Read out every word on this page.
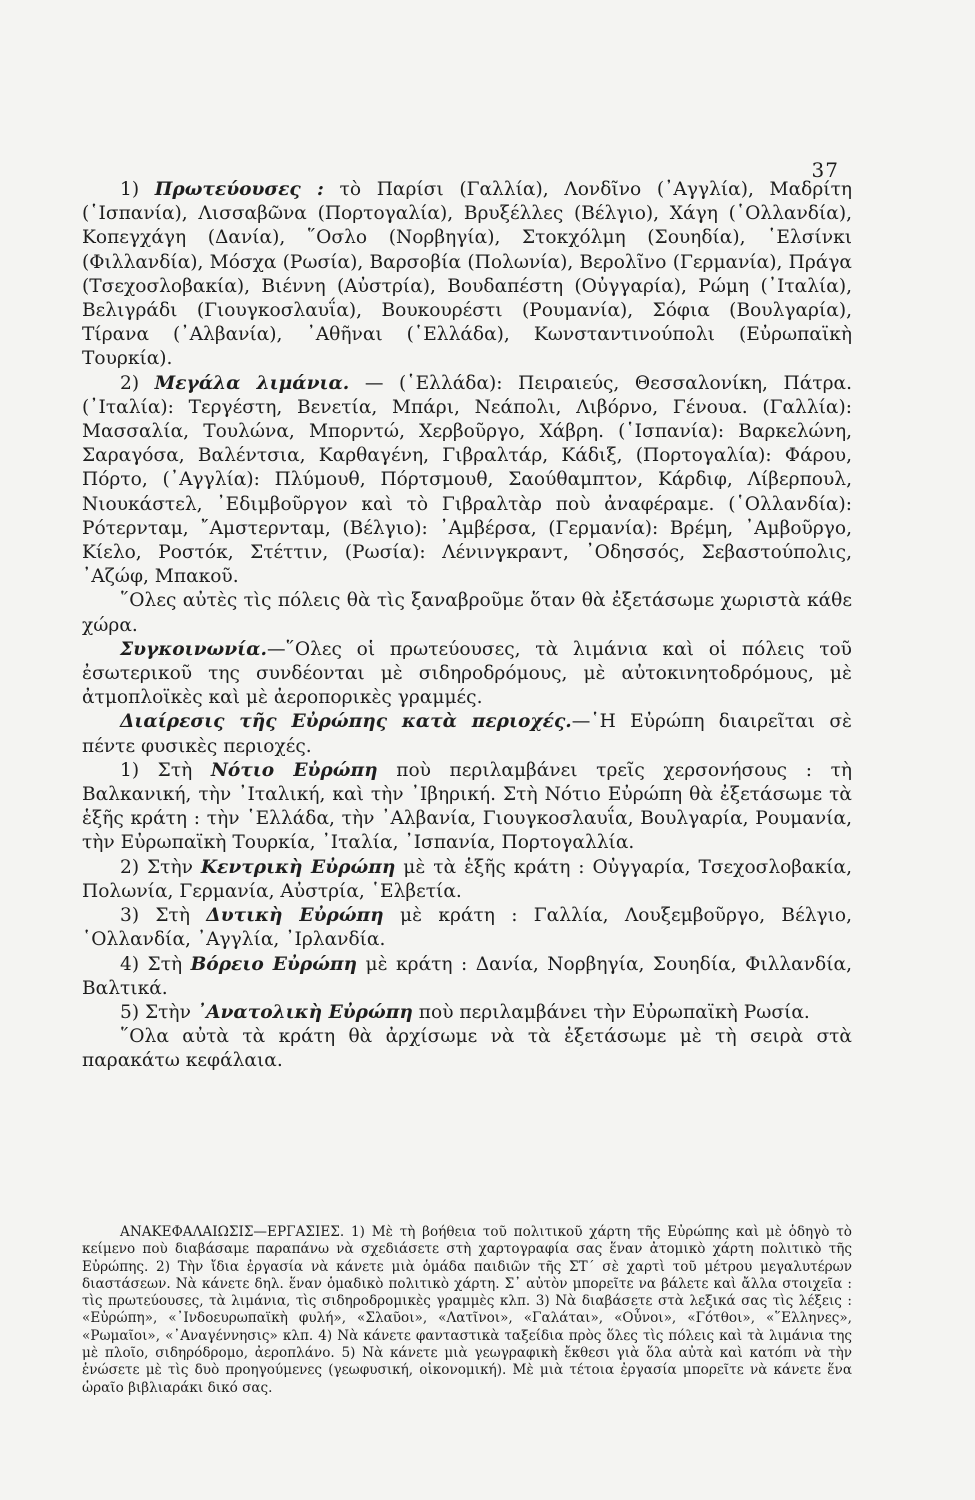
37

1) Πρωτεύουσες : τὸ Παρίσι (Γαλλία), Λονδῖνο (᾽Αγγλία), Μαδρίτη (῾Ισπανία), Λισσαβῶνα (Πορτογαλία), Βρυξέλλες (Βέλγιο), Χάγη (῾Ολλανδία), Κοπεγχάγη (Δανία), ῞Οσλο (Νορβηγία), Στοκχόλμη (Σουηδία), ῾Ελσίνκι (Φιλλανδία), Μόσχα (Ρωσία), Βαρσοβία (Πολωνία), Βερολῖνο (Γερμανία), Πράγα (Τσεχοσλοβακία), Βιέννη (Αὐστρία), Βουδαπέστη (Οὐγγαρία), Ρώμη (᾽Ιταλία), Βελιγράδι (Γιουγκοσλαυΐα), Βουκουρέστι (Ρουμανία), Σόφια (Βουλγαρία), Τίρανα (᾽Αλβανία), ᾽Αθῆναι (῾Ελλάδα), Κωνσταντινούπολι (Εὐρωπαϊκὴ Τουρκία).

2) Μεγάλα λιμάνια. — (῾Ελλάδα): Πειραιεύς, Θεσσαλονίκη, Πάτρα. (᾽Ιταλία): Τεργέστη, Βενετία, Μπάρι, Νεάπολι, Λιβόρνο, Γένουα. (Γαλλία): Μασσαλία, Τουλώνα, Μπορντώ, Χερβοῦργο, Χάβρη. (῾Ισπανία): Βαρκελώνη, Σαραγόσα, Βαλέντσια, Καρθαγένη, Γιβραλτάρ, Κάδιξ, (Πορτογαλία): Φάρου, Πόρτο, (᾽Αγγλία): Πλύμουθ, Πόρτσμουθ, Σαούθαμπτον, Κάρδιφ, Λίβερπουλ, Νιουκάστελ, ᾽Εδιμβοῦργον καὶ τὸ Γιβραλτὰρ ποὺ ἀναφέραμε. (῾Ολλανδία): Ρότερνταμ, ῎Αμστερνταμ, (Βέλγιο): ᾽Αμβέρσα, (Γερμανία): Βρέμη, ᾽Αμβοῦργο, Κίελο, Ροστόκ, Στέττιν, (Ρωσία): Λένινγκραντ, ᾽Οδησσός, Σεβαστούπολις, ᾽Αζώφ, Μπακοῦ.

῞Ολες αὐτὲς τὶς πόλεις θὰ τὶς ξαναβροῦμε ὅταν θὰ ἐξετάσωμε χωριστὰ κάθε χώρα.

Συγκοινωνία.—῞Ολες οἱ πρωτεύουσες, τὰ λιμάνια καὶ οἱ πόλεις τοῦ ἐσωτερικοῦ της συνδέονται μὲ σιδηροδρόμους, μὲ αὐτοκινητοδρόμους, μὲ ἀτμοπλοϊκὲς καὶ μὲ ἀεροπορικὲς γραμμές.

Διαίρεσις τῆς Εὐρώπης κατὰ περιοχές.—῾Η Εὐρώπη διαιρεῖται σὲ πέντε φυσικὲς περιοχές.

1) Στὴ Νότιο Εὐρώπη ποὺ περιλαμβάνει τρεῖς χερσονήσους : τὴ Βαλκανική, τὴν ᾽Ιταλική, καὶ τὴν ᾽Ιβηρική. Στὴ Νότιο Εὐρώπη θὰ ἐξετάσωμε τὰ ἑξῆς κράτη : τὴν ῾Ελλάδα, τὴν ᾽Αλβανία, Γιουγκοσλαυΐα, Βουλγαρία, Ρουμανία, τὴν Εὐρωπαϊκὴ Τουρκία, ᾽Ιταλία, ᾽Ισπανία, Πορτογαλλία.

2) Στὴν Κεντρικὴ Εὐρώπη μὲ τὰ ἑξῆς κράτη : Οὐγγαρία, Τσεχοσλοβακία, Πολωνία, Γερμανία, Αὐστρία, ῾Ελβετία.

3) Στὴ Δυτικὴ Εὐρώπη μὲ κράτη : Γαλλία, Λουξεμβοῦργο, Βέλγιο, ῾Ολλανδία, ᾽Αγγλία, ᾽Ιρλανδία.

4) Στὴ Βόρειο Εὐρώπη μὲ κράτη : Δανία, Νορβηγία, Σουηδία, Φιλλανδία, Βαλτικά.

5) Στὴν ᾽Ανατολικὴ Εὐρώπη ποὺ περιλαμβάνει τὴν Εὐρωπαϊκὴ Ρωσία.

῞Ολα αὐτὰ τὰ κράτη θὰ ἀρχίσωμε νὰ τὰ ἐξετάσωμε μὲ τὴ σειρὰ στὰ παρακάτω κεφάλαια.

ΑΝΑΚΕΦΑΛΑΙΩΣΙΣ—ΕΡΓΑΣΙΕΣ. 1) Μὲ τὴ βοήθεια τοῦ πολιτικοῦ χάρτη τῆς Εὐρώπης καὶ μὲ ὁδηγὸ τὸ κείμενο ποὺ διαβάσαμε παραπάνω νὰ σχεδιάσετε στὴ χαρτογραφία σας ἕναν ἀτομικὸ χάρτη πολιτικὸ τῆς Εὐρώπης. 2) Τὴν ἴδια ἐργασία νὰ κάνετε μιὰ ὁμάδα παιδιῶν τῆς ΣΤ´ σὲ χαρτὶ τοῦ μέτρου μεγαλυτέρων διαστάσεων. Νὰ κάνετε δηλ. ἕναν ὁμαδικὸ πολιτικὸ χάρτη. Σ᾽ αὐτὸν μπορεῖτε να βάλετε καὶ ἄλλα στοιχεῖα : τὶς πρωτεύουσες, τὰ λιμάνια, τὶς σιδηροδρομικὲς γραμμὲς κλπ. 3) Νὰ διαβάσετε στὰ λεξικά σας τὶς λέξεις : «Εὐρώπη», «᾽Ινδοευρωπαϊκὴ φυλή», «Σλαῦοι», «Λατῖνοι», «Γαλάται», «Οὖνοι», «Γότθοι», «῞Ελληνες», «Ρωμαῖοι», «᾽Αναγέννησις» κλπ. 4) Νὰ κάνετε φανταστικὰ ταξείδια πρὸς ὅλες τὶς πόλεις καὶ τὰ λιμάνια της μὲ πλοῖο, σιδηρόδρομο, ἀεροπλάνο. 5) Νὰ κάνετε μιὰ γεωγραφικὴ ἔκθεσι γιὰ ὅλα αὐτὰ καὶ κατόπι νὰ τὴν ἑνώσετε μὲ τὶς δυὸ προηγούμενες (γεωφυσική, οἰκονομική). Μὲ μιὰ τέτοια ἐργασία μπορεῖτε νὰ κάνετε ἕνα ὡραῖο βιβλιαράκι δικό σας.
